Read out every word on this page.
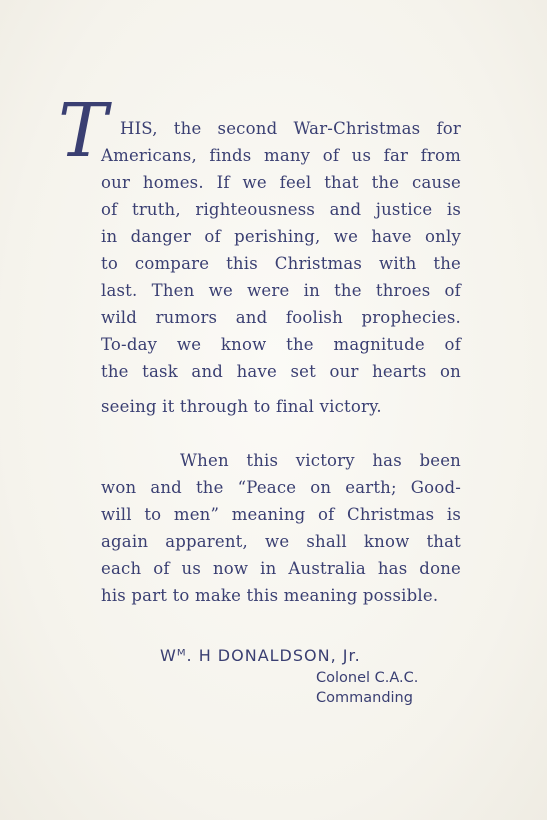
T HIS, the second War-Christmas for
Americans, finds many of us far from
our homes. If we feel that the cause
of truth, righteousness and justice is
in danger of perishing, we have only
to compare this Christmas with the
last. Then we were in the throes of
wild rumors and foolish prophecies.
To-day we know the magnitude of
the task and have set our hearts on
seeing it through to final victory.
When this victory has been
won and the “Peace on earth; Good-
will to men” meaning of Christmas is
again apparent, we shall know that
each of us now in Australia has done
his part to make this meaning possible.
Wᴹ. H DONALDSON, Jr.
Colonel C.A.C.
Commanding
